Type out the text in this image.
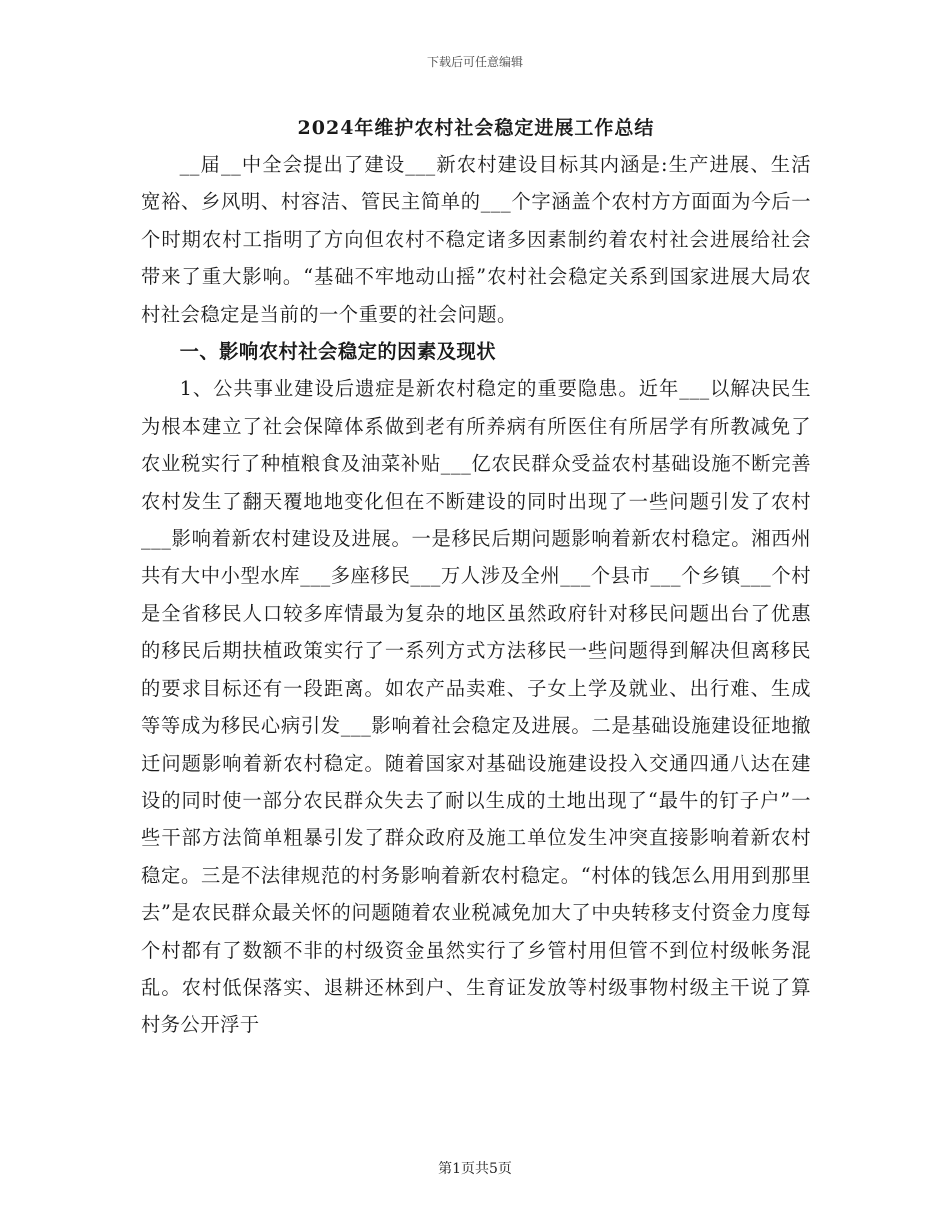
下载后可任意编辑
2024年维护农村社会稳定进展工作总结

__届__中全会提出了建设___新农村建设目标其内涵是:生产进展、生活宽裕、乡风明、村容洁、管民主简单的___个字涵盖个农村方方面面为今后一个时期农村工指明了方向但农村不稳定诸多因素制约着农村社会进展给社会带来了重大影响。“基础不牢地动山摇”农村社会稳定关系到国家进展大局农村社会稳定是当前的一个重要的社会问题。

一、影响农村社会稳定的因素及现状

1、公共事业建设后遗症是新农村稳定的重要隐患。近年___以解决民生为根本建立了社会保障体系做到老有所养病有所医住有所居学有所教减免了农业税实行了种植粮食及油菜补贴___亿农民群众受益农村基础设施不断完善农村发生了翻天覆地地变化但在不断建设的同时出现了一些问题引发了农村___影响着新农村建设及进展。一是移民后期问题影响着新农村稳定。湘西州共有大中小型水库___多座移民___万人涉及全州___个县市___个乡镇___个村是全省移民人口较多库情最为复杂的地区虽然政府针对移民问题出台了优惠的移民后期扶植政策实行了一系列方式方法移民一些问题得到解决但离移民的要求目标还有一段距离。如农产品卖难、子女上学及就业、出行难、生成等等成为移民心病引发___影响着社会稳定及进展。二是基础设施建设征地撤迁问题影响着新农村稳定。随着国家对基础设施建设投入交通四通八达在建设的同时使一部分农民群众失去了耐以生成的土地出现了“最牛的钉子户”一些干部方法简单粗暴引发了群众政府及施工单位发生冲突直接影响着新农村稳定。三是不法律规范的村务影响着新农村稳定。“村体的钱怎么用用到那里去”是农民群众最关怀的问题随着农业税减免加大了中央转移支付资金力度每个村都有了数额不非的村级资金虽然实行了乡管村用但管不到位村级帐务混乱。农村低保落实、退耕还林到户、生育证发放等村级事物村级主干说了算村务公开浮于

第1页共5页
